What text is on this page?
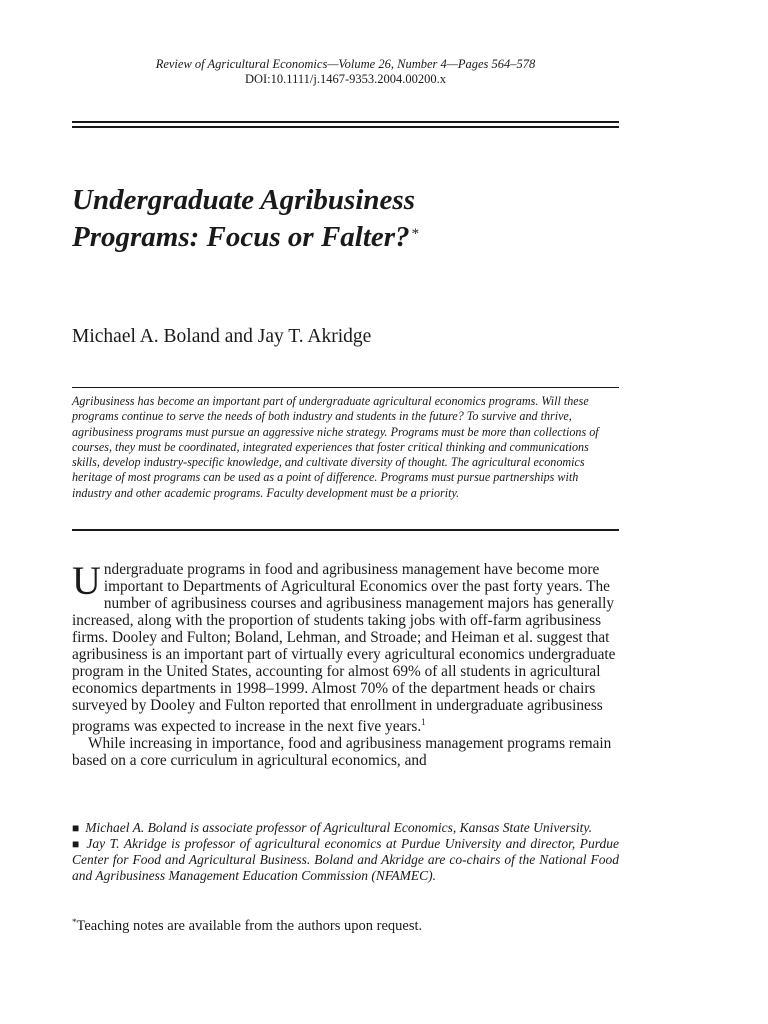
Review of Agricultural Economics—Volume 26, Number 4—Pages 564–578
DOI:10.1111/j.1467-9353.2004.00200.x
Undergraduate Agribusiness
Programs: Focus or Falter? *
Michael A. Boland and Jay T. Akridge
Agribusiness has become an important part of undergraduate agricultural economics programs. Will these programs continue to serve the needs of both industry and students in the future? To survive and thrive, agribusiness programs must pursue an aggressive niche strategy. Programs must be more than collections of courses, they must be coordinated, integrated experiences that foster critical thinking and communications skills, develop industry-specific knowledge, and cultivate diversity of thought. The agricultural economics heritage of most programs can be used as a point of difference. Programs must pursue partnerships with industry and other academic programs. Faculty development must be a priority.

Undergraduate programs in food and agribusiness management have become more important to Departments of Agricultural Economics over the past forty years. The number of agribusiness courses and agribusiness management majors has generally increased, along with the proportion of students taking jobs with off-farm agribusiness firms. Dooley and Fulton; Boland, Lehman, and Stroade; and Heiman et al. suggest that agribusiness is an important part of virtually every agricultural economics undergraduate program in the United States, accounting for almost 69% of all students in agricultural economics departments in 1998–1999. Almost 70% of the department heads or chairs surveyed by Dooley and Fulton reported that enrollment in undergraduate agribusiness programs was expected to increase in the next five years.$^1$

While increasing in importance, food and agribusiness management programs remain based on a core curriculum in agricultural economics, and

■ Michael A. Boland is associate professor of Agricultural Economics, Kansas State University.

■ Jay T. Akridge is professor of agricultural economics at Purdue University and director, Purdue Center for Food and Agricultural Business. Boland and Akridge are co-chairs of the National Food and Agribusiness Management Education Commission (NFAMEC).

*Teaching notes are available from the authors upon request.
